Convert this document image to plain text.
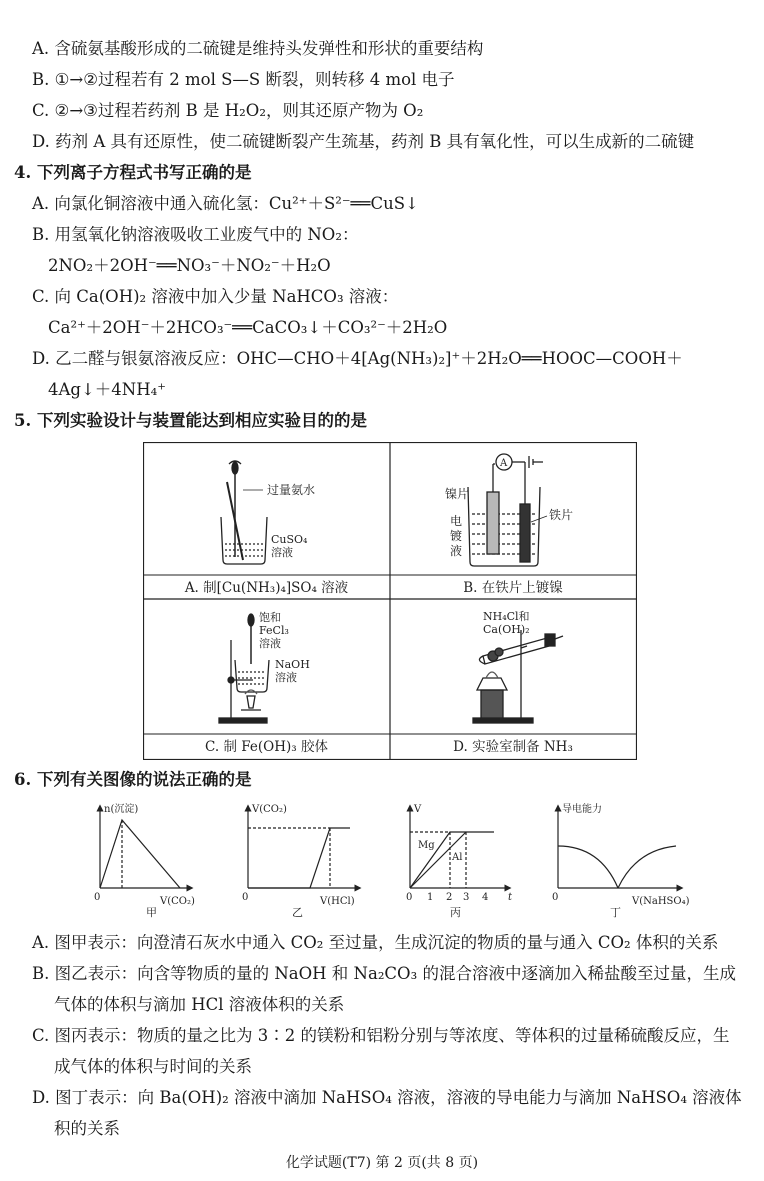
A. 含硫氨基酸形成的二硫键是维持头发弹性和形状的重要结构
B. ①→②过程若有 2 mol S—S 断裂，则转移 4 mol 电子
C. ②→③过程若药剂 B 是 H₂O₂，则其还原产物为 O₂
D. 药剂 A 具有还原性，使二硫键断裂产生巯基，药剂 B 具有氧化性，可以生成新的二硫键
4. 下列离子方程式书写正确的是
A. 向氯化铜溶液中通入硫化氢：Cu²⁺＋S²⁻══CuS↓
B. 用氢氧化钠溶液吸收工业废气中的 NO₂：
2NO₂＋2OH⁻══NO₃⁻＋NO₂⁻＋H₂O
C. 向 Ca(OH)₂ 溶液中加入少量 NaHCO₃ 溶液：
Ca²⁺＋2OH⁻＋2HCO₃⁻══CaCO₃↓＋CO₃²⁻＋2H₂O
D. 乙二醛与银氨溶液反应：OHC—CHO＋4[Ag(NH₃)₂]⁺＋2H₂O══HOOC—COOH＋
4Ag↓＋4NH₄⁺
5. 下列实验设计与装置能达到相应实验目的的是
过量氨水
CuSO₄
溶液
A. 制[Cu(NH₃)₄]SO₄ 溶液
A
镍片
电
镀
液
铁片
B. 在铁片上镀镍
饱和
FeCl₃
溶液
NaOH
溶液
C. 制 Fe(OH)₃ 胶体
NH₄Cl和
Ca(OH)₂
D. 实验室制备 NH₃
6. 下列有关图像的说法正确的是
n(沉淀)
V(CO₂)
0
甲
V(CO₂)
V(HCl)
0
乙
V
Mg
Al
0 1 2 3 4 t
丙
导电能力
V(NaHSO₄)
0
丁
A. 图甲表示：向澄清石灰水中通入 CO₂ 至过量，生成沉淀的物质的量与通入 CO₂ 体积的关系
B. 图乙表示：向含等物质的量的 NaOH 和 Na₂CO₃ 的混合溶液中逐滴加入稀盐酸至过量，生成
气体的体积与滴加 HCl 溶液体积的关系
C. 图丙表示：物质的量之比为 3∶2 的镁粉和铝粉分别与等浓度、等体积的过量稀硫酸反应，生
成气体的体积与时间的关系
D. 图丁表示：向 Ba(OH)₂ 溶液中滴加 NaHSO₄ 溶液，溶液的导电能力与滴加 NaHSO₄ 溶液体
积的关系
化学试题(T7) 第 2 页(共 8 页)
